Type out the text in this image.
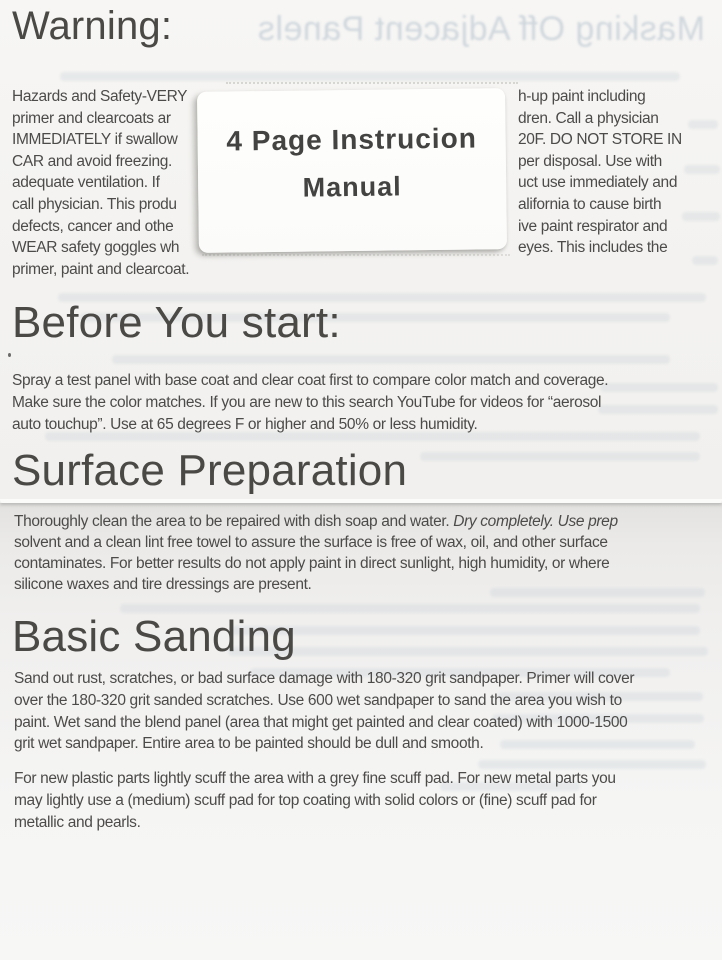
Masking Off Adjacent Panels
Warning:
Hazards and Safety-VERY	h-up paint including
primer and clearcoats ar	dren. Call a physician
IMMEDIATELY if swallow	20F. DO NOT STORE IN
CAR and avoid freezing.	per disposal. Use with
adequate ventilation. If	uct use immediately and
call physician. This produ	alifornia to cause birth
defects, cancer and othe	ive paint respirator and
WEAR safety goggles wh	eyes. This includes the
primer, paint and clearcoat.
4 Page Instrucion
Manual
Before You start:
Spray a test panel with base coat and clear coat first to compare color match and coverage.
Make sure the color matches. If you are new to this search YouTube for videos for “aerosol
auto touchup”. Use at 65 degrees F or higher and 50% or less humidity.
Surface Preparation
Thoroughly clean the area to be repaired with dish soap and water. Dry completely. Use prep
solvent and a clean lint free towel to assure the surface is free of wax, oil, and other surface
contaminates. For better results do not apply paint in direct sunlight, high humidity, or where
silicone waxes and tire dressings are present.
Basic Sanding
Sand out rust, scratches, or bad surface damage with 180-320 grit sandpaper. Primer will cover
over the 180-320 grit sanded scratches. Use 600 wet sandpaper to sand the area you wish to
paint. Wet sand the blend panel (area that might get painted and clear coated) with 1000-1500
grit wet sandpaper. Entire area to be painted should be dull and smooth.
For new plastic parts lightly scuff the area with a grey fine scuff pad. For new metal parts you
may lightly use a (medium) scuff pad for top coating with solid colors or (fine) scuff pad for
metallic and pearls.
